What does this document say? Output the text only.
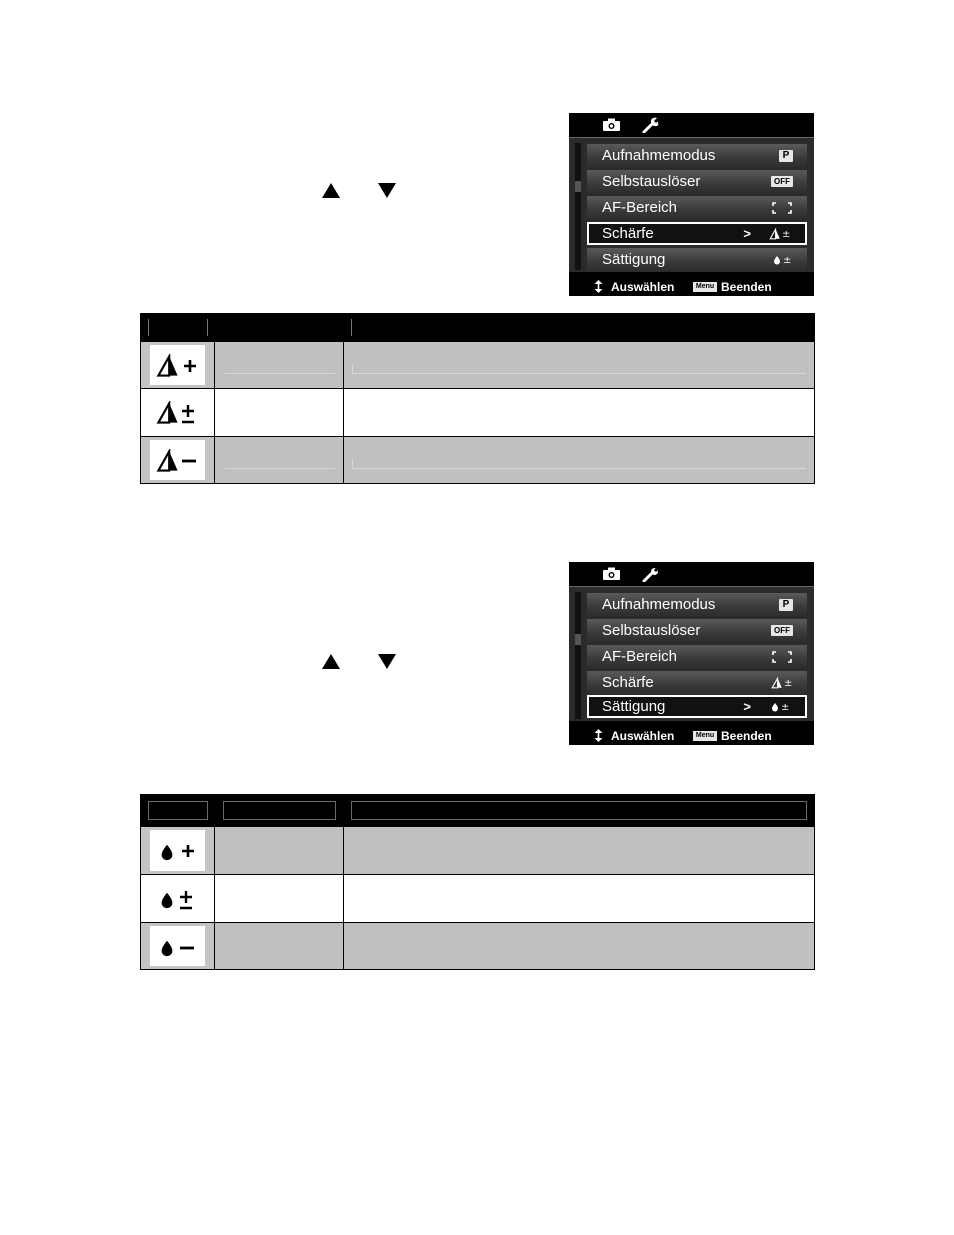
Aufnahmemodus	P
Selbstauslöser	OFF
AF-Bereich
Schärfe	>	±
Sättigung	±
Auswählen	Menu Beenden
Aufnahmemodus	P
Selbstauslöser	OFF
AF-Bereich
Schärfe	±
Sättigung	>	±
Auswählen	Menu Beenden
